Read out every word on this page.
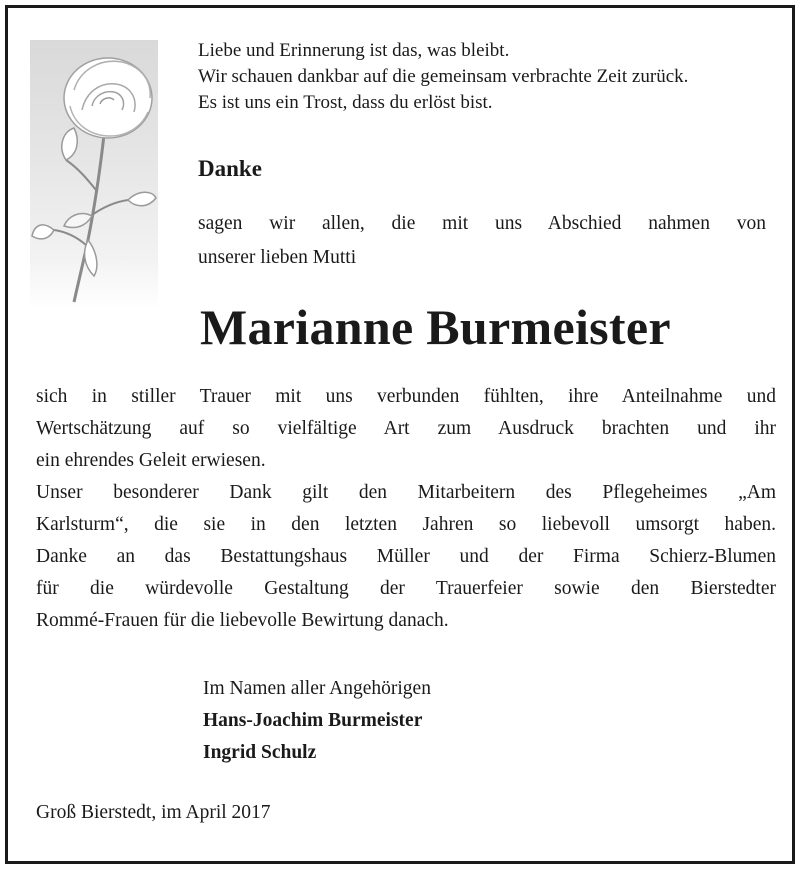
Liebe und Erinnerung ist das, was bleibt.
Wir schauen dankbar auf die gemeinsam verbrachte Zeit zurück.
Es ist uns ein Trost, dass du erlöst bist.
Danke
sagen wir allen, die mit uns Abschied nahmen von
unserer lieben Mutti
Marianne Burmeister
sich in stiller Trauer mit uns verbunden fühlten, ihre Anteilnahme und
Wertschätzung auf so vielfältige Art zum Ausdruck brachten und ihr
ein ehrendes Geleit erwiesen.
Unser besonderer Dank gilt den Mitarbeitern des Pflegeheimes „Am
Karlsturm“, die sie in den letzten Jahren so liebevoll umsorgt haben.
Danke an das Bestattungshaus Müller und der Firma Schierz-Blumen
für die würdevolle Gestaltung der Trauerfeier sowie den Bierstedter
Rommé-Frauen für die liebevolle Bewirtung danach.
Im Namen aller Angehörigen
Hans-Joachim Burmeister
Ingrid Schulz
Groß Bierstedt, im April 2017
